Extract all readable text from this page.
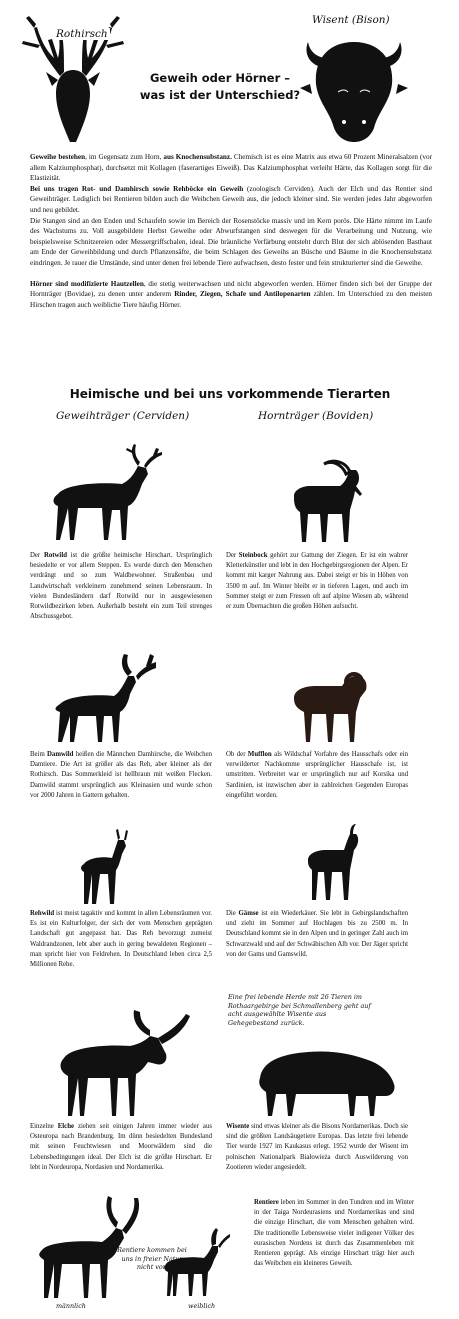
Rothirsch
Wisent (Bison)
Geweih oder Hörner –
was ist der Unterschied?

Geweihe bestehen, im Gegensatz zum Horn, aus Knochensubstanz. Chemisch ist es eine Matrix aus etwa 60 Prozent Mineralsalzen (vor allem Kalziumphosphat), durchsetzt mit Kollagen (faserartiges Eiweiß). Das Kalziumphosphat verleiht Härte, das Kollagen sorgt für die Elastizität.

Bei uns tragen Rot- und Damhirsch sowie Rehböcke ein Geweih (zoologisch Cerviden). Auch der Elch und das Rentier sind Geweihträger. Lediglich bei Rentieren bilden auch die Weibchen Geweih aus, die jedoch kleiner sind. Sie werden jedes Jahr abgeworfen und neu gebildet.

Die Stangen sind an den Enden und Schaufeln sowie im Bereich der Rosenstöcke massiv und im Kern porös. Die Härte nimmt im Laufe des Wachstums zu. Voll ausgebildete Herbst Geweihe oder Abwurfstangen sind deswegen für die Verarbeitung und Nutzung, wie beispielsweise Schnitzereien oder Messergriffschalen, ideal. Die bräunliche Verfärbung entsteht durch Blut der sich ablösenden Basthaut am Ende der Geweihbildung und durch Pflanzensäfte, die beim Schlagen des Geweihs an Büsche und Bäume in die Knochensubstanz eindringen. Je rauer die Umstände, sind unter denen frei lebende Tiere aufwachsen, desto fester und fein strukturierter sind die Geweihe.

Hörner sind modifizierte Hautzellen, die stetig weiterwachsen und nicht abgeworfen werden. Hörner finden sich bei der Gruppe der Hornträger (Bovidae), zu denen unter anderem Rinder, Ziegen, Schafe und Antilopenarten zählen. Im Unterschied zu den meisten Hirschen tragen auch weibliche Tiere häufig Hörner.

Heimische und bei uns vorkommende Tierarten
Geweihträger (Cerviden)	Hornträger (Boviden)
Der Rotwild ist die größte heimische Hirschart. Ursprünglich besiedelte er vor allem Steppen. Es wurde durch den Menschen verdrängt und so zum Waldbewohner. Straßenbau und Landwirtschaft verkleinern zunehmend seinen Lebensraum. In vielen Bundesländern darf Rotwild nur in ausgewiesenen Rotwildbezirken leben. Außerhalb besteht ein zum Teil strenges Abschussgebot.
Der Steinbock gehört zur Gattung der Ziegen. Er ist ein wahrer Kletterkünstler und lebt in den Hochgebirgsregionen der Alpen. Er kommt mit karger Nahrung aus. Dabei steigt er bis in Höhen von 3500 m auf. Im Winter bleibt er in tieferen Lagen, und auch im Sommer steigt er zum Fressen oft auf alpine Wiesen ab, während er zum Übernachten die großen Höhen aufsucht.
Beim Damwild heißen die Männchen Damhirsche, die Weibchen Damtiere. Die Art ist größer als das Reh, aber kleiner als der Rothirsch. Das Sommerkleid ist hellbraun mit weißen Flecken. Damwild stammt ursprünglich aus Kleinasien und wurde schon vor 2000 Jahren in Gattern gehalten.
Ob der Mufflon als Wildschaf Vorfahre des Hausschafs oder ein verwilderter Nachkomme ursprünglicher Hausschafe ist, ist umstritten. Verbreitet war er ursprünglich nur auf Korsika und Sardinien, ist inzwischen aber in zahlreichen Gegenden Europas eingeführt worden.
Rehwild ist meist tagaktiv und kommt in allen Lebensräumen vor. Es ist ein Kulturfolger, der sich der vom Menschen geprägten Landschaft gut angepasst hat. Das Reh bevorzugt zumeist Waldrandzonen, lebt aber auch in gering bewaldeten Regionen – man spricht hier von Feldrehen. In Deutschland leben circa 2,5 Millionen Rehe.
Die Gämse ist ein Wiederkäuer. Sie lebt in Gebirgslandschaften und zieht im Sommer auf Hochlagen bis zu 2500 m. In Deutschland kommt sie in den Alpen und in geringer Zahl auch im Schwarzwald und auf der Schwäbischen Alb vor. Der Jäger spricht von der Gams und Gamswild.
Eine frei lebende Herde mit 26 Tieren im Rothaargebirge bei Schmallenberg geht auf acht ausgewählte Wisente aus Gehegebestand zurück.
Einzelne Elche ziehen seit einigen Jahren immer wieder aus Osteuropa nach Brandenburg. Im dünn besiedelten Bundesland mit seinen Feuchtwiesen und Moorwäldern sind die Lebensbedingungen ideal. Der Elch ist die größte Hirschart. Er lebt in Nordeuropa, Nordasien und Nordamerika.
Wisente sind etwas kleiner als die Bisons Nordamerikas. Doch sie sind die größten Landsäugetiere Europas. Das letzte frei lebende Tier wurde 1927 im Kaukasus erlegt. 1952 wurde der Wisent im polnischen Nationalpark Białowieża durch Auswilderung von Zootieren wieder angesiedelt.
Rentiere kommen bei uns in freier Natur nicht vor.
männlich	weiblich
Rentiere leben im Sommer in den Tundren und im Winter in der Taiga Nordeurasiens und Nordamerikas und sind die einzige Hirschart, die vom Menschen gehalten wird. Die traditionelle Lebensweise vieler indigener Völker des eurasischen Nordens ist durch das Zusammenleben mit Rentieren geprägt. Als einzige Hirschart trägt hier auch das Weibchen ein kleineres Geweih.
